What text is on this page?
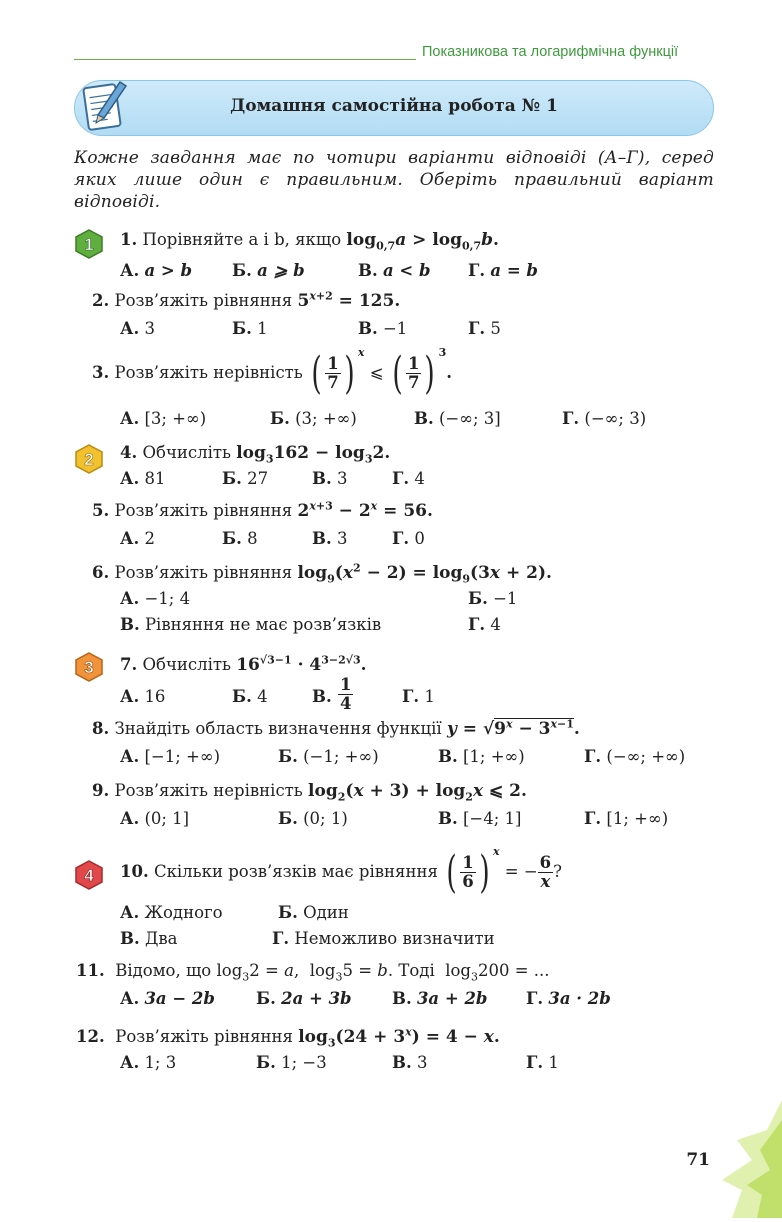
Показникова та логарифмічна функції
Домашня самостійна робота № 1
Кожне завдання має по чотири варіанти відповіді (А–Г), серед яких лише один є правильним. Оберіть правильний варіант відповіді.
1
2
3
4
1. Порівняйте a і b, якщо $\log_{0,7}a > \log_{0,7}b$.
А. a > b Б. a ⩾ b	В. a < b Г. a = b
2. Розв’яжіть рівняння $5^{x+2} = 125$.
А. 3	Б. 1	В. −1	Г. 5
3. Розв’яжіть нерівність ( $\frac{1}{7}$ ) $^x$ ⩽ ( $\frac{1}{7}$ ) $^3$.
А. [3; +∞)	Б. (3; +∞)	В. (−∞; 3]	Г. (−∞; 3)
4. Обчисліть $\log_3162 - \log_32$.
А. 81	Б. 27	В. 3	Г. 4
5. Розв’яжіть рівняння $2^{x+3} - 2^x = 56$.
А. 2	Б. 8	В. 3	Г. 0
6. Розв’яжіть рівняння $\log_9(x^2 - 2) = \log_9(3x + 2)$.
А. −1; 4	Б. −1
В. Рівняння не має розв’язків	Г. 4
7. Обчисліть $16^{√3-1} \cdot 4^{3-2√3}$.
А. 16	Б. 4	В. $\frac{1}{4}$	Г. 1
8. Знайдіть область визначення функції $y = √9^x - 3^{x-1}$.
А. [−1; +∞)	Б. (−1; +∞)	В. [1; +∞)	Г. (−∞; +∞)
9. Розв’яжіть нерівність $\log_2(x + 3) + \log_2x$ ⩽ 2.
А. (0; 1]	Б. (0; 1)	В. [−4; 1]	Г. [1; +∞)
10. Скільки розв’язків має рівняння ( $\frac{1}{6}$ ) $^x$ = − $\frac{6}{x}$ ?
А. Жодного	Б. Один
В. Два	Г. Неможливо визначити
11. Відомо, що $\log_32 = a$,  $\log_35 = b$. Тоді  $\log_3200$ = ...
А. 3a − 2b Б. 2a + 3b В. 3a + 2b Г. 3a · 2b
12. Розв’яжіть рівняння $\log_3(24 + 3^x) = 4 - x$.
А. 1; 3	Б. 1; −3	В. 3	Г. 1
71
